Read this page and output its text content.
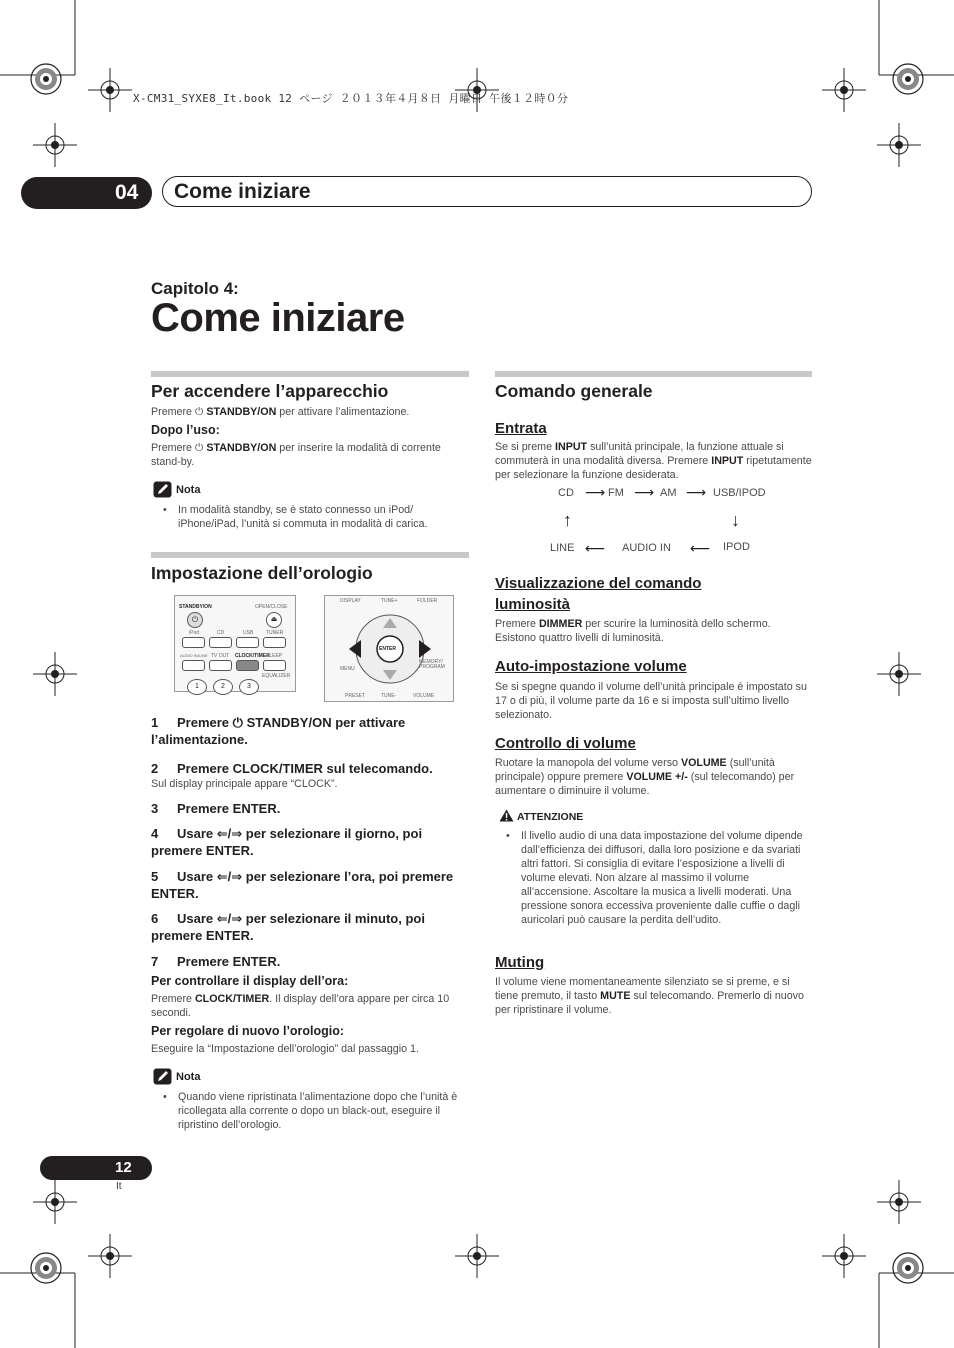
X-CM31_SYXE8_It.book 12 ページ ２０１３年４月８日 月曜日 午後１２時０分
04 Come iniziare
Capitolo 4:
Come iniziare
Per accendere l’apparecchio
Premere ⏻ STANDBY/ON per attivare l’alimentazione.
Dopo l’uso:
Premere ⏻ STANDBY/ON per inserire la modalità di corrente stand-by.
Nota
•	In modalità standby, se è stato connesso un iPod/ iPhone/iPad, l’unità si commuta in modalità di carica.
Impostazione dell’orologio
STANDBY/ON	OPEN/CLOSE
⏻	⏏
iPod	CD	USB	TUNER
AUDIO IN/LINE TV OUT CLOCK/TIMER
SLEEP
EQUALIZER
1	2	3
DISPLAY	TUNE+	FOLDER
ENTER
MENU
MEMORY/ PROGRAM
PRESET	TUNE-	VOLUME
1 Premere ⏻ STANDBY/ON per attivare l’alimentazione.
2 Premere CLOCK/TIMER sul telecomando.
Sul display principale appare “CLOCK”.
3 Premere ENTER.
4 Usare ⇐/⇒ per selezionare il giorno, poi premere ENTER.
5 Usare ⇐/⇒ per selezionare l’ora, poi premere ENTER.
6 Usare ⇐/⇒ per selezionare il minuto, poi premere ENTER.
7 Premere ENTER.
Per controllare il display dell’ora:
Premere CLOCK/TIMER. Il display dell’ora appare per circa 10 secondi.
Per regolare di nuovo l’orologio:
Eseguire la “Impostazione dell’orologio” dal passaggio 1.
Nota
•	Quando viene ripristinata l’alimentazione dopo che l’unità è ricollegata alla corrente o dopo un black-out, eseguire il ripristino dell’orologio.
Comando generale
Entrata
Se si preme INPUT sull’unità principale, la funzione attuale si commuterà in una modalità diversa. Premere INPUT ripetutamente per selezionare la funzione desiderata.
CD ⟶ FM ⟶ AM ⟶ USB/IPOD
↑	↓
LINE ⟵ AUDIO IN ⟵ IPOD
Visualizzazione del comando
luminosità
Premere DIMMER per scurire la luminosità dello schermo. Esistono quattro livelli di luminosità.
Auto-impostazione volume
Se si spegne quando il volume dell’unità principale è impostato su 17 o di più, il volume parte da 16 e si imposta sull’ultimo livello selezionato.
Controllo di volume
Ruotare la manopola del volume verso VOLUME (sull’unità principale) oppure premere VOLUME +/- (sul telecomando) per aumentare o diminuire il volume.
ATTENZIONE
•	Il livello audio di una data impostazione del volume dipende dall’efficienza dei diffusori, dalla loro posizione e da svariati altri fattori. Si consiglia di evitare l’esposizione a livelli di volume elevati. Non alzare al massimo il volume all’accensione. Ascoltare la musica a livelli moderati. Una pressione sonora eccessiva proveniente dalle cuffie o dagli auricolari può causare la perdita dell’udito.
Muting
Il volume viene momentaneamente silenziato se si preme, e si tiene premuto, il tasto MUTE sul telecomando. Premerlo di nuovo per ripristinare il volume.
12
It
